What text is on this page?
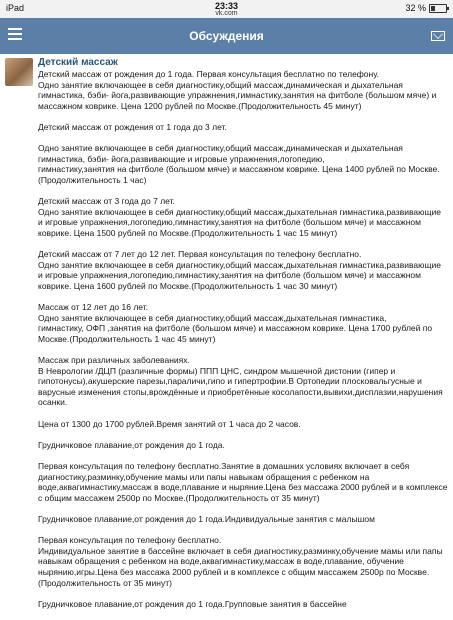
iPad	23:33
vk.com
32 %
Обсуждения
Детский массаж

Детский массаж от рождения до 1 года. Первая консультация бесплатно по телефону.
Одно занятие включающее в себя диагностику,общий массаж,динамическая и дыхательная гимнастика, бэби- йога,развивающие упражнения,гимнастику,занятия на фитболе (большом мяче) и массажном коврике. Цена 1200 рублей по Москве.(Продолжительность 45 минут)

Детский массаж от рождения от 1 года до 3 лет.

Одно занятие включающее в себя диагностику,общий массаж,динамическая и дыхательная гимнастика, бэби- йога,развивающие и игровые упражнения,логопедию,
гимнастику,занятия на фитболе (большом мяче) и массажном коврике. Цена 1400 рублей по Москве.(Продолжительность 1 час)

Детский массаж от 3 года до 7 лет.
Одно занятие включающее в себя диагностику,общий массаж,дыхательная гимнастика,развивающие и игровые упражнения,логопедию,гимнастику,занятия на фитболе (большом мяче) и массажном коврике. Цена 1500 рублей по Москве.(Продолжительность 1 час 15 минут)

Детский массаж от 7 лет до 12 лет. Первая консультация по телефону бесплатно.
Одно занятие включающее в себя диагностику,общий массаж,дыхательная гимнастика,развивающие и игровые упражнения,логопедию,гимнастику,занятия на фитболе (большом мяче) и массажном коврике. Цена 1600 рублей по Москве.(Продолжительность 1 час 30 минут)

Массаж от 12 лет до 16 лет.
Одно занятие включающее в себя диагностику,общий массаж,дыхательная гимнастика,
гимнастику, ОФП ,занятия на фитболе (большом мяче) и массажном коврике. Цена 1700 рублей по Москве.(Продолжительность 1 час 45 минут)

Массаж при различных заболеваниях.
В Неврологии /ДЦП (различные формы) ППП ЦНС, синдром мышечной дистонии (гипер и гипотонусы),акушерские парезы,параличи,гипо и гипертрофии.В Ортопедии плосковальгусные и варусные изменения стопы,врождённые и приобретённые косолапости,вывихи,дисплазии,нарушения осанки.

Цена от 1300 до 1700 рублей.Время занятий от 1 часа до 2 часов.

Грудничковое плавание,от рождения до 1 года.

Первая консультация по телефону бесплатно.Занятие в домашних условиях включает в себя диагностику,разминку,обучение мамы или папы навыкам обращения с ребенком на воде,аквагимнастику,массаж в воде,плавание и ныряние.Цена без массажа 2000 рублей и в комплексе с общим массажем 2500р по Москве.(Продолжительность от 35 минут)

Грудничковое плавание,от рождения до 1 года.Индивидуальные занятия с малышом

Первая консультация по телефону бесплатно.
Индивидуальное занятие в бассейне включает в себя диагностику,разминку,обучение мамы или папы навыкам обращения с ребенком на воде,аквагимнастику,массаж в воде,плавание, обучение нырянию,игры.Цена без массажа 2000 рублей и в комплексе с общим массажем 2500р по Москве.(Продолжительность от 35 минут)

Грудничковое плавание,от рождения до 1 года.Групповые занятия в бассейне
